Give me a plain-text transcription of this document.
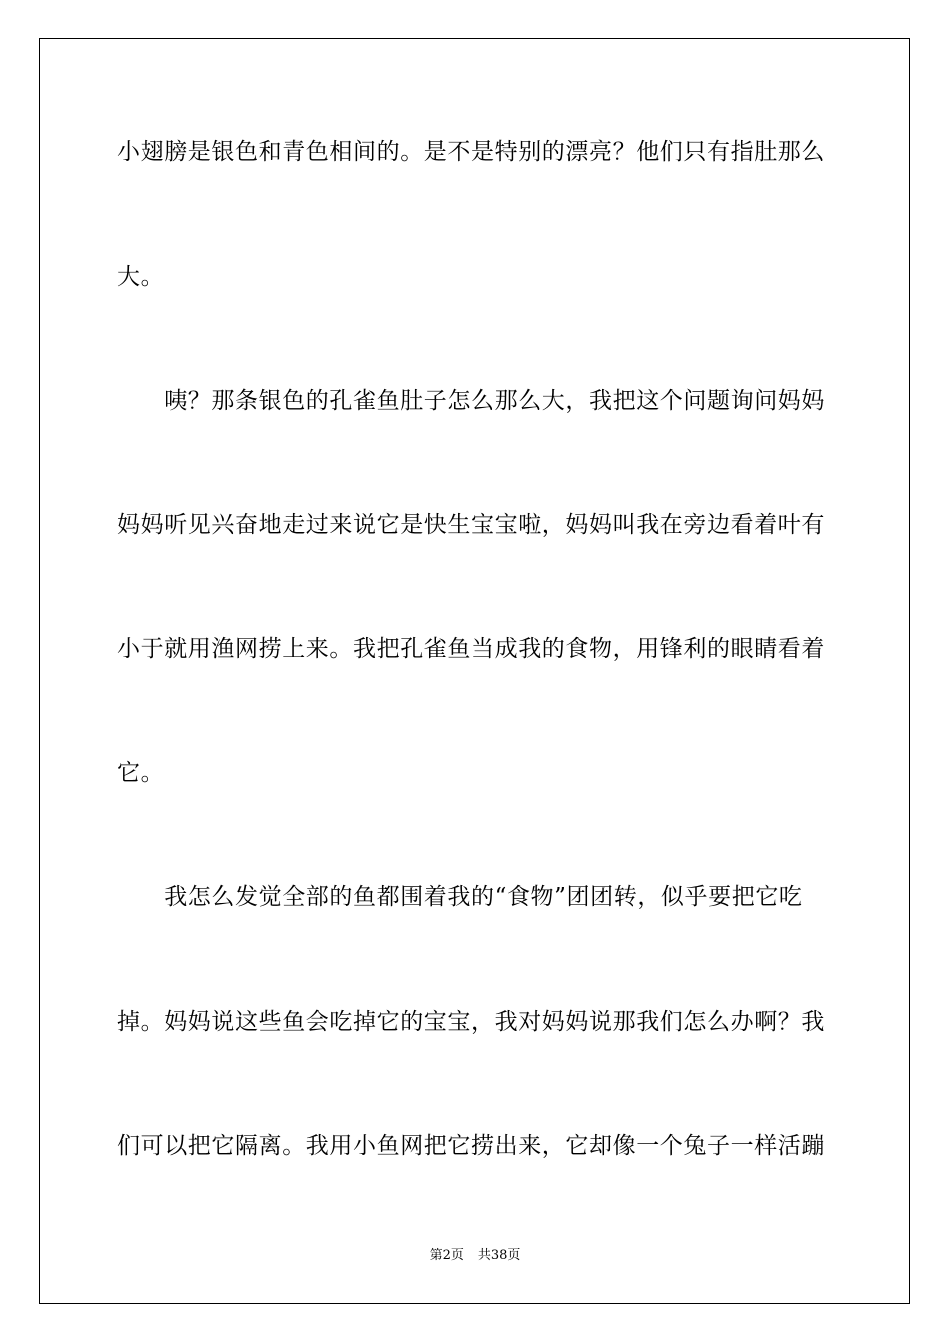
小翅膀是银色和青色相间的。是不是特别的漂亮？他们只有指肚那么
大。
　　咦？那条银色的孔雀鱼肚子怎么那么大，我把这个问题询问妈妈
妈妈听见兴奋地走过来说它是快生宝宝啦，妈妈叫我在旁边看着叶有
小于就用渔网捞上来。我把孔雀鱼当成我的食物，用锋利的眼睛看着
它。
　　我怎么发觉全部的鱼都围着我的“食物”团团转，似乎要把它吃
掉。妈妈说这些鱼会吃掉它的宝宝，我对妈妈说那我们怎么办啊？我
们可以把它隔离。我用小鱼网把它捞出来，它却像一个兔子一样活蹦
第2页 共38页
